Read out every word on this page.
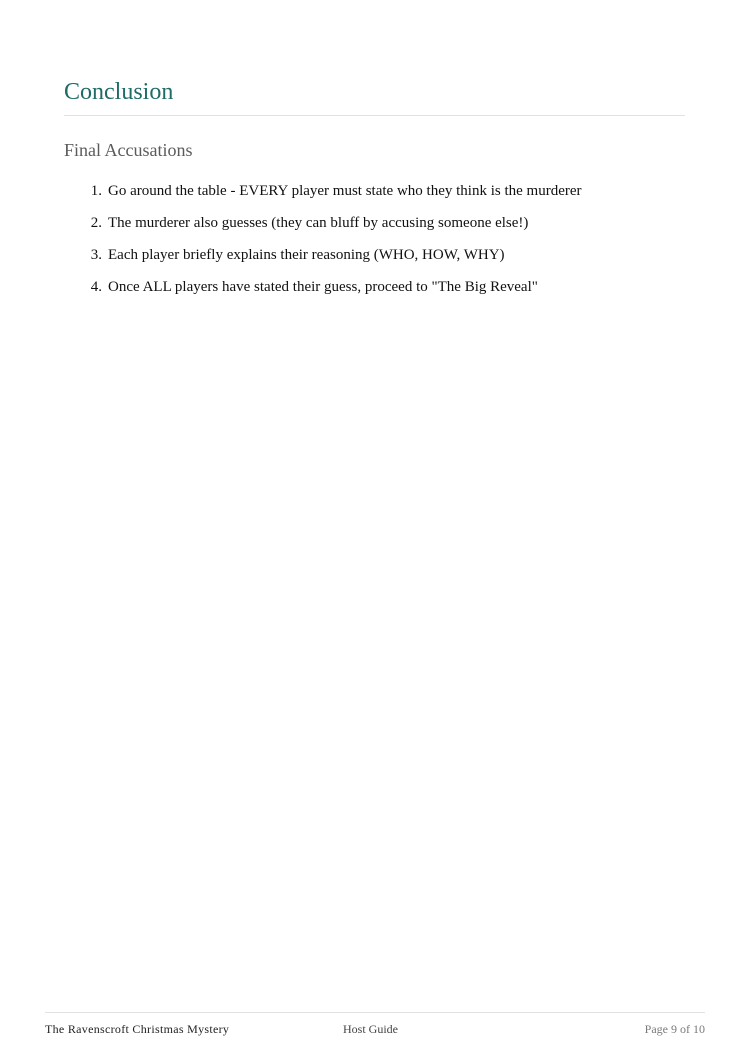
Conclusion
Final Accusations
1. Go around the table - EVERY player must state who they think is the murderer
2. The murderer also guesses (they can bluff by accusing someone else!)
3. Each player briefly explains their reasoning (WHO, HOW, WHY)
4. Once ALL players have stated their guess, proceed to "The Big Reveal"
The Ravenscroft Christmas Mystery	Host Guide	Page 9 of 10
